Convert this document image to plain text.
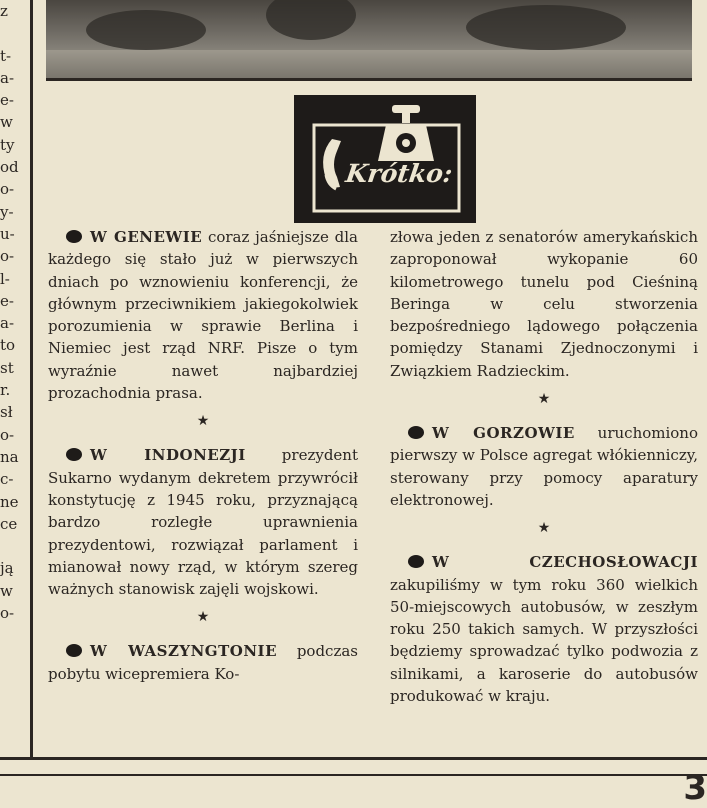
z
t-
a-
e-
w
ty
od
o-
y-
u-
o-
l-
e-
a-
to
st
r.
sł
o-
na
c-
ne
ce
ją
w
o-
Krótko:

W GENEWIE coraz jaśniejsze dla każdego się stało już w pierwszych dniach po wznowieniu konferencji, że głównym przeciwnikiem jakiegokolwiek porozumienia w sprawie Berlina i Niemiec jest rząd NRF. Pisze o tym wyraźnie nawet najbardziej prozachodnia prasa.

★

W INDONEZJI prezydent Sukarno wydanym dekretem przywrócił konstytucję z 1945 roku, przyznającą bardzo rozległe uprawnienia prezydentowi, rozwiązał parlament i mianował nowy rząd, w którym szereg ważnych stanowisk zajęli wojskowi.

★

W WASZYNGTONIE podczas pobytu wicepremiera Ko-

złowa jeden z senatorów amerykańskich zaproponował wykopanie 60 kilometrowego tunelu pod Cieśniną Beringa w celu stworzenia bezpośredniego lądowego połączenia pomiędzy Stanami Zjednoczonymi i Związkiem Radzieckim.

★

W GORZOWIE uruchomiono pierwszy w Polsce agregat włókienniczy, sterowany przy pomocy aparatury elektronowej.

★

W CZECHOSŁOWACJI zakupiliśmy w tym roku 360 wielkich 50-miejscowych autobusów, w zeszłym roku 250 takich samych. W przyszłości będziemy sprowadzać tylko podwozia z silnikami, a karoserie do autobusów produkować w kraju.

3
